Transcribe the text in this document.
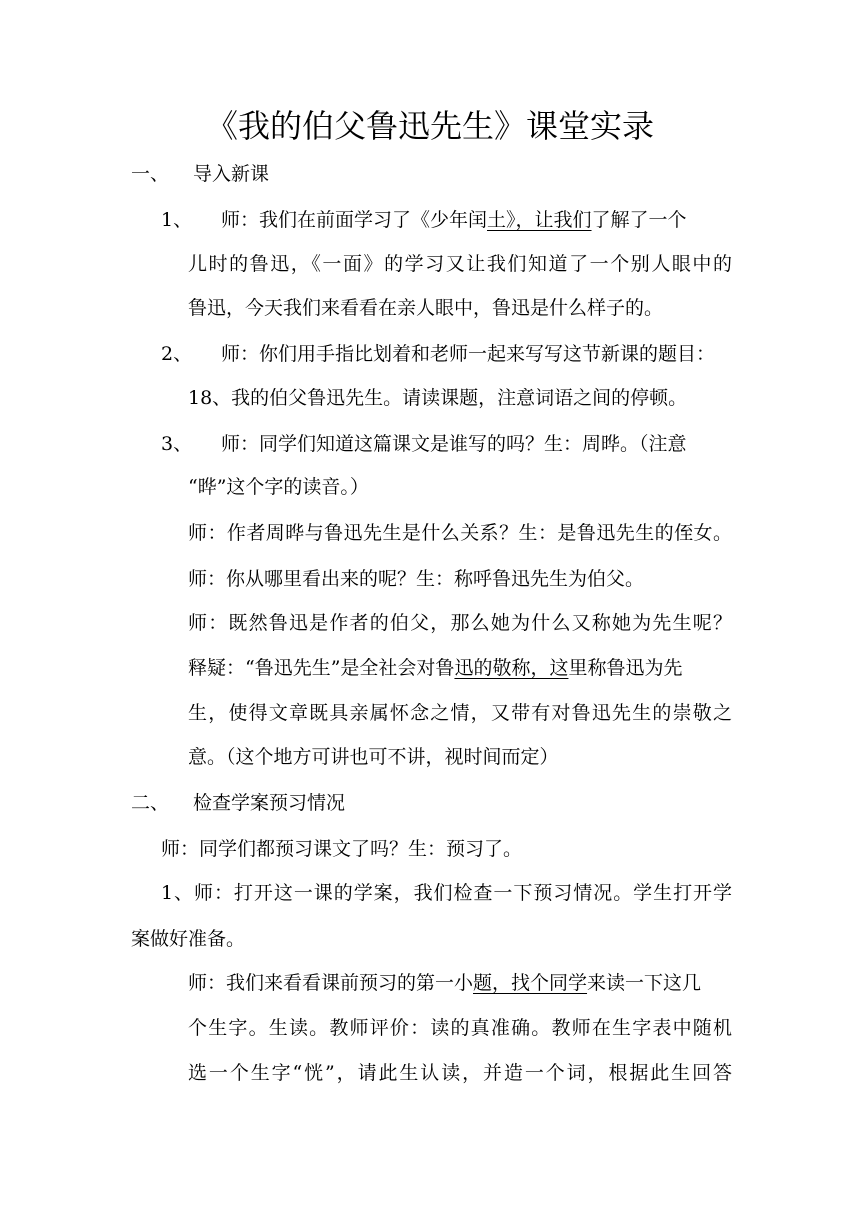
《我的伯父鲁迅先生》课堂实录
一、 导入新课
1、 师：我们在前面学习了《少年闰土》，让我们了解了一个
儿时的鲁迅，《一面》的学习又让我们知道了一个别人眼中的
鲁迅，今天我们来看看在亲人眼中，鲁迅是什么样子的。
2、 师：你们用手指比划着和老师一起来写写这节新课的题目：
18、我的伯父鲁迅先生。请读课题，注意词语之间的停顿。
3、 师：同学们知道这篇课文是谁写的吗？生：周晔。（注意
“晔”这个字的读音。）
师：作者周晔与鲁迅先生是什么关系？生：是鲁迅先生的侄女。
师：你从哪里看出来的呢？生：称呼鲁迅先生为伯父。
师：既然鲁迅是作者的伯父，那么她为什么又称她为先生呢？
释疑：“鲁迅先生”是全社会对鲁迅的敬称，这里称鲁迅为先
生，使得文章既具亲属怀念之情，又带有对鲁迅先生的崇敬之
意。（这个地方可讲也可不讲，视时间而定）
二、 检查学案预习情况
师：同学们都预习课文了吗？生：预习了。
1、师：打开这一课的学案，我们检查一下预习情况。学生打开学
案做好准备。
师：我们来看看课前预习的第一小题，找个同学来读一下这几
个生字。生读。教师评价：读的真准确。教师在生字表中随机
选一个生字“恍”，请此生认读，并造一个词，根据此生回答
